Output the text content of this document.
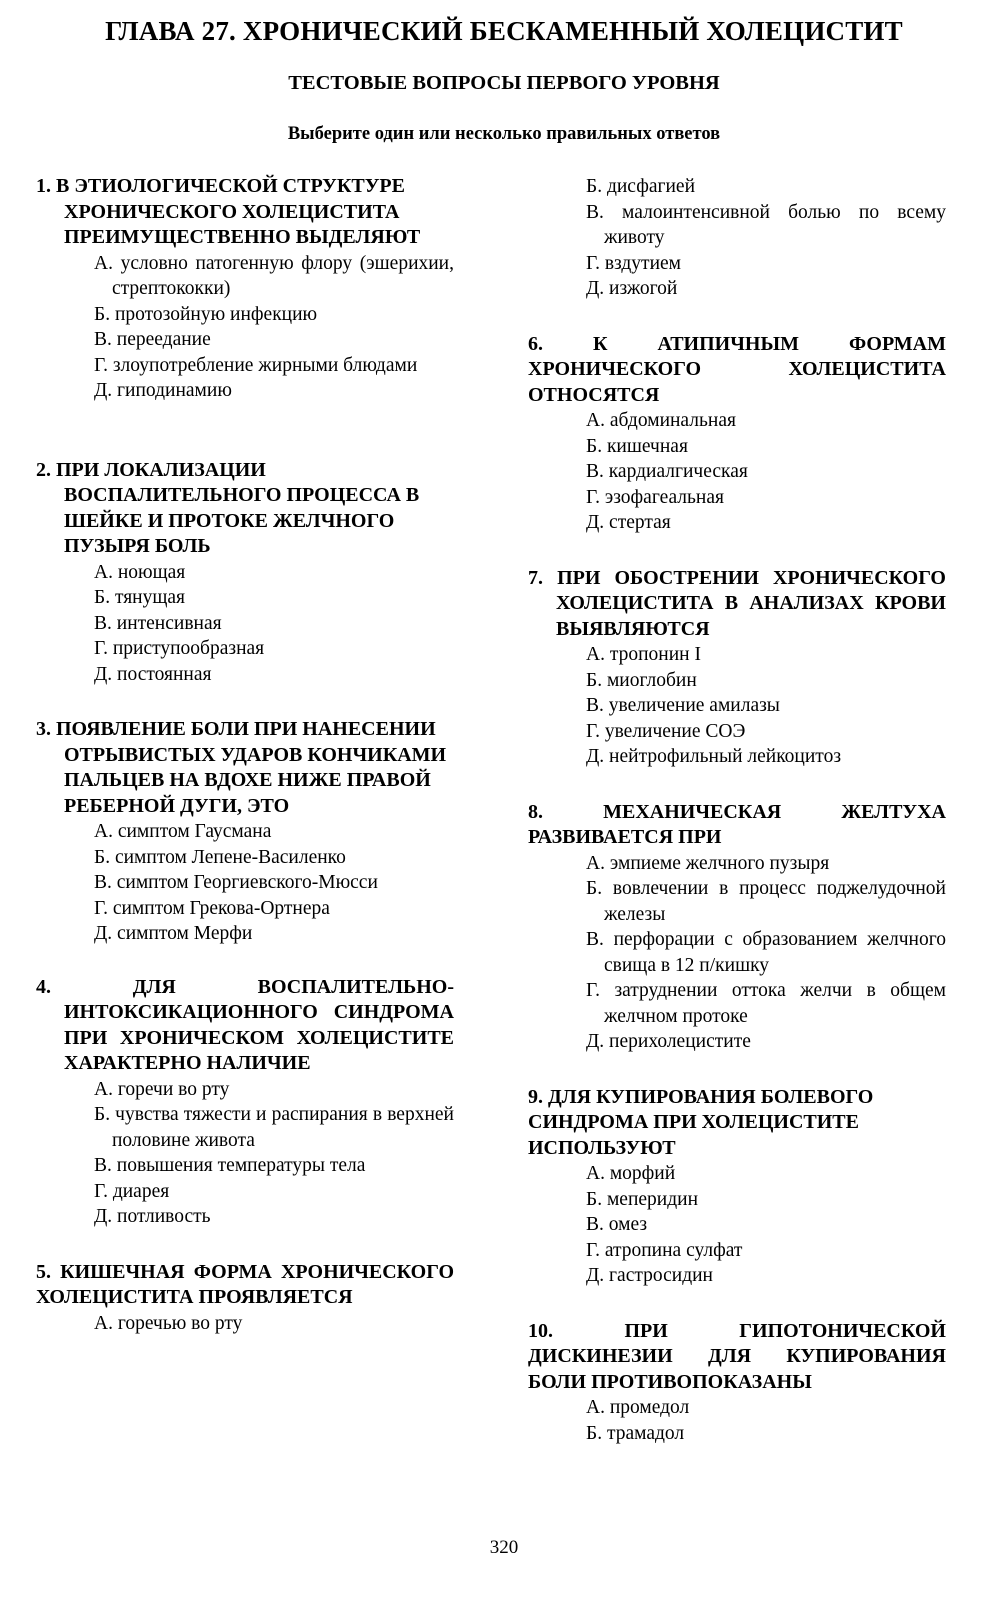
ГЛАВА 27. ХРОНИЧЕСКИЙ БЕСКАМЕННЫЙ ХОЛЕЦИСТИТ
ТЕСТОВЫЕ ВОПРОСЫ ПЕРВОГО УРОВНЯ
Выберите один или несколько правильных ответов
1. В ЭТИОЛОГИЧЕСКОЙ СТРУКТУРЕ ХРОНИЧЕСКОГО ХОЛЕЦИСТИТА ПРЕИМУЩЕСТВЕННО ВЫДЕЛЯЮТ
А. условно патогенную флору (эшерихии, стрептококки)
Б. протозойную инфекцию
В. переедание
Г. злоупотребление жирными блюдами
Д. гиподинамию
2. ПРИ ЛОКАЛИЗАЦИИ ВОСПАЛИТЕЛЬНОГО ПРОЦЕССА В ШЕЙКЕ И ПРОТОКЕ ЖЕЛЧНОГО ПУЗЫРЯ БОЛЬ
А. ноющая
Б. тянущая
В. интенсивная
Г. приступообразная
Д. постоянная
3. ПОЯВЛЕНИЕ БОЛИ ПРИ НАНЕСЕНИИ ОТРЫВИСТЫХ УДАРОВ КОНЧИКАМИ ПАЛЬЦЕВ НА ВДОХЕ НИЖЕ ПРАВОЙ РЕБЕРНОЙ ДУГИ, ЭТО
А. симптом Гаусмана
Б. симптом Лепене-Василенко
В. симптом Георгиевского-Мюсси
Г. симптом Грекова-Ортнера
Д. симптом Мерфи
4. ДЛЯ ВОСПАЛИТЕЛЬНО-ИНТОКСИКАЦИОННОГО СИНДРОМА ПРИ ХРОНИЧЕСКОМ ХОЛЕЦИСТИТЕ ХАРАКТЕРНО НАЛИЧИЕ
А. горечи во рту
Б. чувства тяжести и распирания в верхней половине живота
В. повышения температуры тела
Г. диарея
Д. потливость
5. КИШЕЧНАЯ ФОРМА ХРОНИЧЕСКОГО ХОЛЕЦИСТИТА ПРОЯВЛЯЕТСЯ
А. горечью во рту
Б. дисфагией
В. малоинтенсивной болью по всему животу
Г. вздутием
Д. изжогой
6. К АТИПИЧНЫМ ФОРМАМ ХРОНИЧЕСКОГО ХОЛЕЦИСТИТА ОТНОСЯТСЯ
А. абдоминальная
Б. кишечная
В. кардиалгическая
Г. эзофагеальная
Д. стертая
7. ПРИ ОБОСТРЕНИИ ХРОНИЧЕСКОГО ХОЛЕЦИСТИТА В АНАЛИЗАХ КРОВИ ВЫЯВЛЯЮТСЯ
А. тропонин I
Б. миоглобин
В. увеличение амилазы
Г. увеличение СОЭ
Д. нейтрофильный лейкоцитоз
8. МЕХАНИЧЕСКАЯ ЖЕЛТУХА РАЗВИВАЕТСЯ ПРИ
А. эмпиеме желчного пузыря
Б. вовлечении в процесс поджелудочной железы
В. перфорации с образованием желчного свища в 12 п/кишку
Г. затруднении оттока желчи в общем желчном протоке
Д. перихолецистите
9. ДЛЯ КУПИРОВАНИЯ БОЛЕВОГО СИНДРОМА ПРИ ХОЛЕЦИСТИТЕ ИСПОЛЬЗУЮТ
А. морфий
Б. меперидин
В. омез
Г. атропина сулфат
Д. гастросидин
10. ПРИ ГИПОТОНИЧЕСКОЙ ДИСКИНЕЗИИ ДЛЯ КУПИРОВАНИЯ БОЛИ ПРОТИВОПОКАЗАНЫ
А. промедол
Б. трамадол
320
